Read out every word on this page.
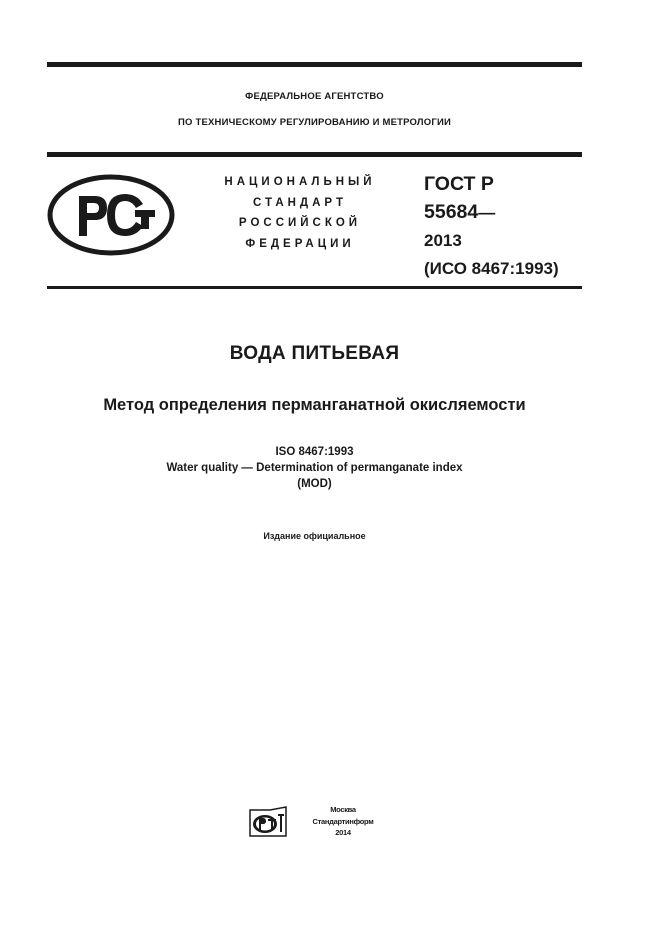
ФЕДЕРАЛЬНОЕ АГЕНТСТВО
ПО ТЕХНИЧЕСКОМУ РЕГУЛИРОВАНИЮ И МЕТРОЛОГИИ
НАЦИОНАЛЬНЫЙ
СТАНДАРТ
РОССИЙСКОЙ
ФЕДЕРАЦИИ
ГОСТ Р
55684—
2013
(ИСО 8467:1993)
ВОДА ПИТЬЕВАЯ
Метод определения перманганатной окисляемости
ISO 8467:1993
Water quality — Determination of permanganate index
(MOD)
Издание официальное
Москва
Стандартинформ
2014
